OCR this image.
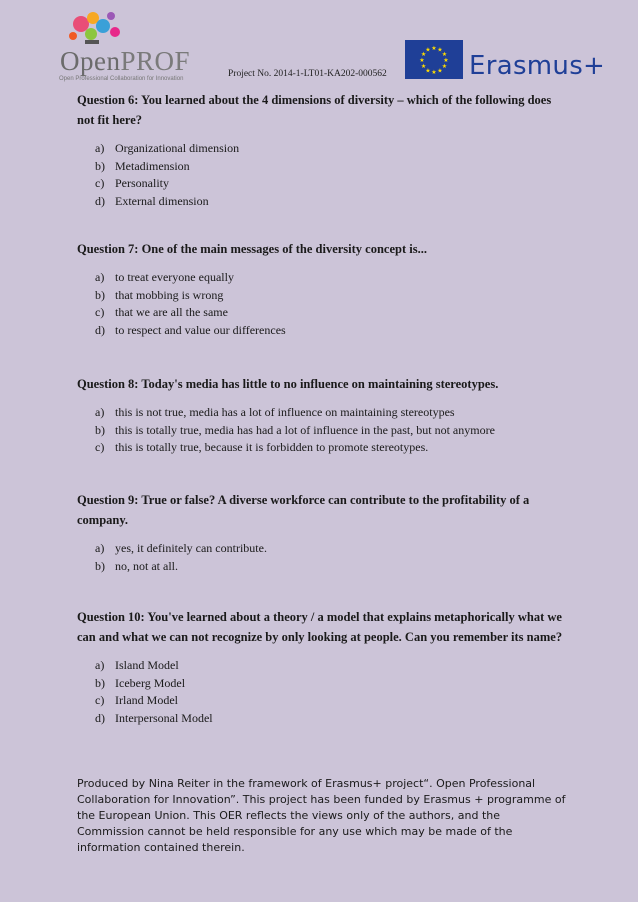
OpenPROF
Open Professional Collaboration for Innovation	Project No. 2014-1-LT01-KA202-000562
★ ★
★
★
★
★
★
★
★
★
★
★
Erasmus+

Question 6: You learned about the 4 dimensions of diversity – which of the following does not fit here?

a) Organizational dimension
b) Metadimension
c) Personality
d) External dimension

Question 7: One of the main messages of the diversity concept is...

a) to treat everyone equally
b) that mobbing is wrong
c) that we are all the same
d) to respect and value our differences

Question 8: Today's media has little to no influence on maintaining stereotypes.

a) this is not true, media has a lot of influence on maintaining stereotypes
b) this is totally true, media has had a lot of influence in the past, but not anymore
c) this is totally true, because it is forbidden to promote stereotypes.

Question 9: True or false? A diverse workforce can contribute to the profitability of a company.

a) yes, it definitely can contribute.
b) no, not at all.

Question 10: You've learned about a theory / a model that explains metaphorically what we can and what we can not recognize by only looking at people. Can you remember its name?

a) Island Model
b) Iceberg Model
c) Irland Model
d) Interpersonal Model
Produced by Nina Reiter in the framework of Erasmus+ project“. Open Professional Collaboration for Innovation”. This project has been funded by Erasmus + programme of the European Union. This OER reflects the views only of the authors, and the Commission cannot be held responsible for any use which may be made of the information contained therein.
